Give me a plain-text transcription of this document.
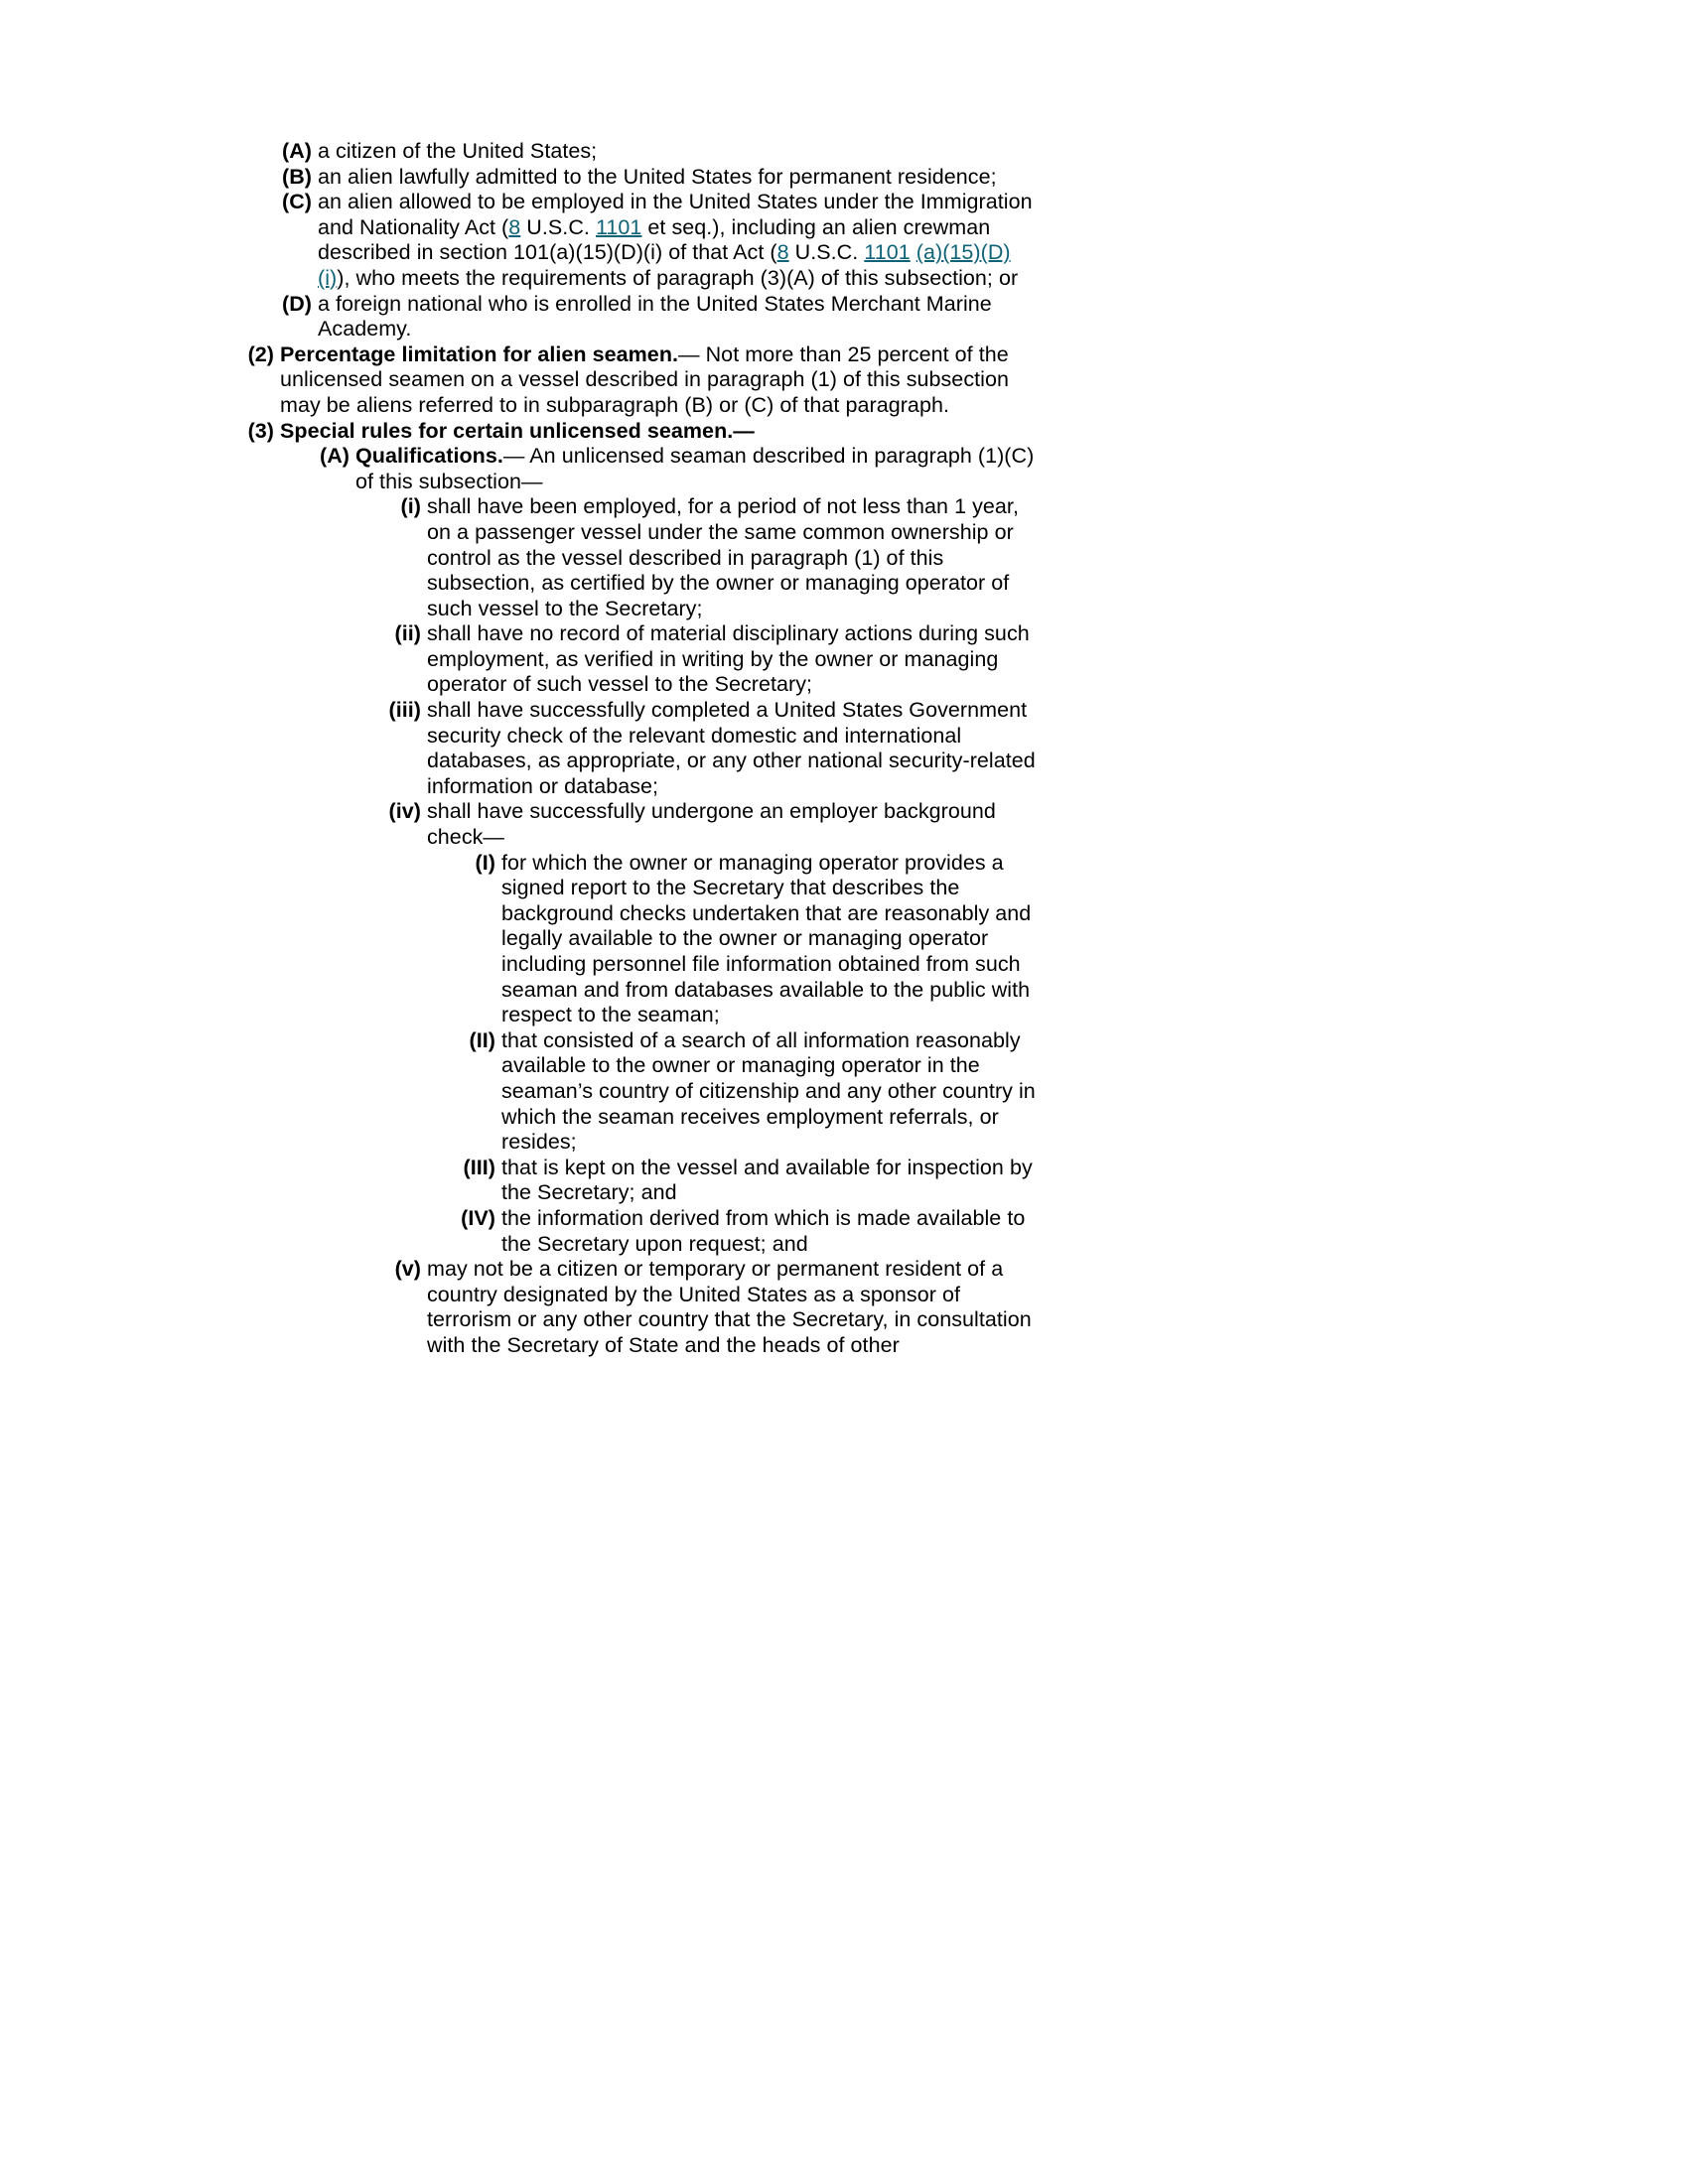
(A) a citizen of the United States;
(B) an alien lawfully admitted to the United States for permanent residence;
(C) an alien allowed to be employed in the United States under the Immigration and Nationality Act (8 U.S.C. 1101 et seq.), including an alien crewman described in section 101(a)(15)(D)(i) of that Act (8 U.S.C. 1101 (a)(15)(D)(i)), who meets the requirements of paragraph (3)(A) of this subsection; or
(D) a foreign national who is enrolled in the United States Merchant Marine Academy.
(2) Percentage limitation for alien seamen.— Not more than 25 percent of the unlicensed seamen on a vessel described in paragraph (1) of this subsection may be aliens referred to in subparagraph (B) or (C) of that paragraph.
(3) Special rules for certain unlicensed seamen.—
(A) Qualifications.— An unlicensed seaman described in paragraph (1)(C) of this subsection—
(i) shall have been employed, for a period of not less than 1 year, on a passenger vessel under the same common ownership or control as the vessel described in paragraph (1) of this subsection, as certified by the owner or managing operator of such vessel to the Secretary;
(ii) shall have no record of material disciplinary actions during such employment, as verified in writing by the owner or managing operator of such vessel to the Secretary;
(iii) shall have successfully completed a United States Government security check of the relevant domestic and international databases, as appropriate, or any other national security-related information or database;
(iv) shall have successfully undergone an employer background check—
(I) for which the owner or managing operator provides a signed report to the Secretary that describes the background checks undertaken that are reasonably and legally available to the owner or managing operator including personnel file information obtained from such seaman and from databases available to the public with respect to the seaman;
(II) that consisted of a search of all information reasonably available to the owner or managing operator in the seaman’s country of citizenship and any other country in which the seaman receives employment referrals, or resides;
(III) that is kept on the vessel and available for inspection by the Secretary; and
(IV) the information derived from which is made available to the Secretary upon request; and
(v) may not be a citizen or temporary or permanent resident of a country designated by the United States as a sponsor of terrorism or any other country that the Secretary, in consultation with the Secretary of State and the heads of other
